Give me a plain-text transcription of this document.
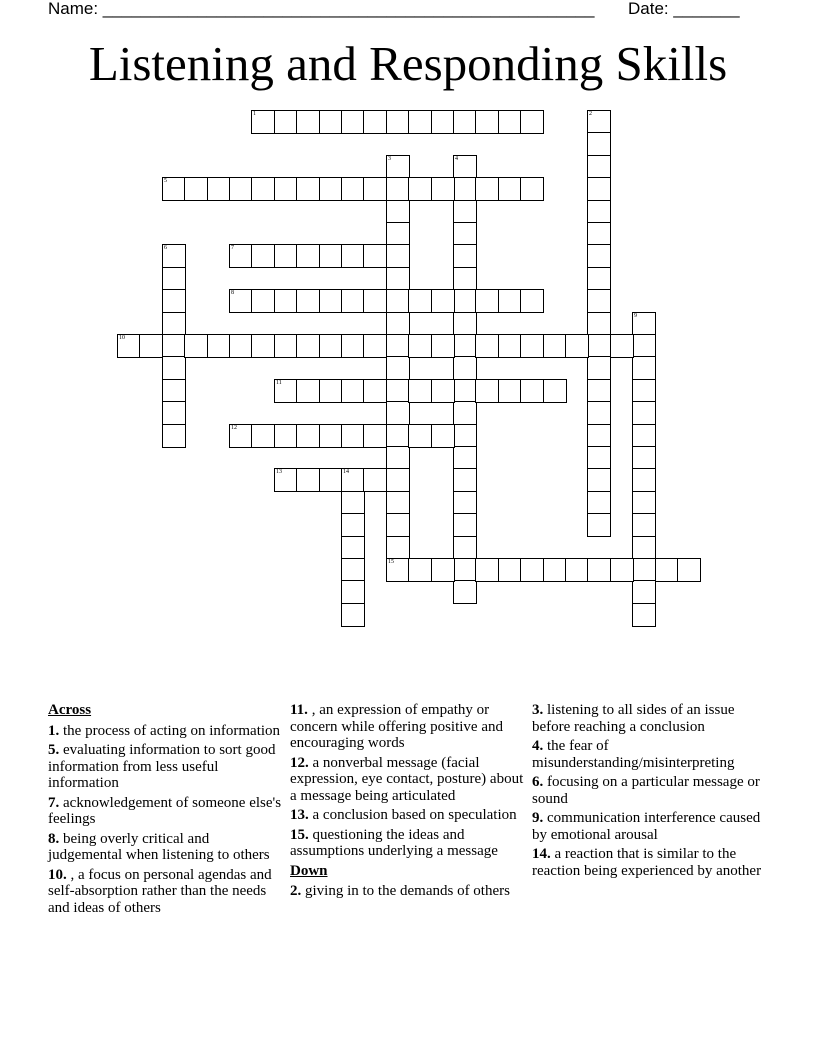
Name: ____________________________________________________ Date: _______
Listening and Responding Skills
1	2
3	4
5
6	7
8
9
10
11
12
13	14
15
Across
1. the process of acting on information
5. evaluating information to sort good information from less useful information
7. acknowledgement of someone else's feelings
8. being overly critical and judgemental when listening to others
10. , a focus on personal agendas and self-absorption rather than the needs and ideas of others
11. , an expression of empathy or concern while offering positive and encouraging words
12. a nonverbal message (facial expression, eye contact, posture) about a message being articulated
13. a conclusion based on speculation
15. questioning the ideas and assumptions underlying a message
Down
2. giving in to the demands of others
3. listening to all sides of an issue before reaching a conclusion
4. the fear of misunderstanding/misinterpreting
6. focusing on a particular message or sound
9. communication interference caused by emotional arousal
14. a reaction that is similar to the reaction being experienced by another
